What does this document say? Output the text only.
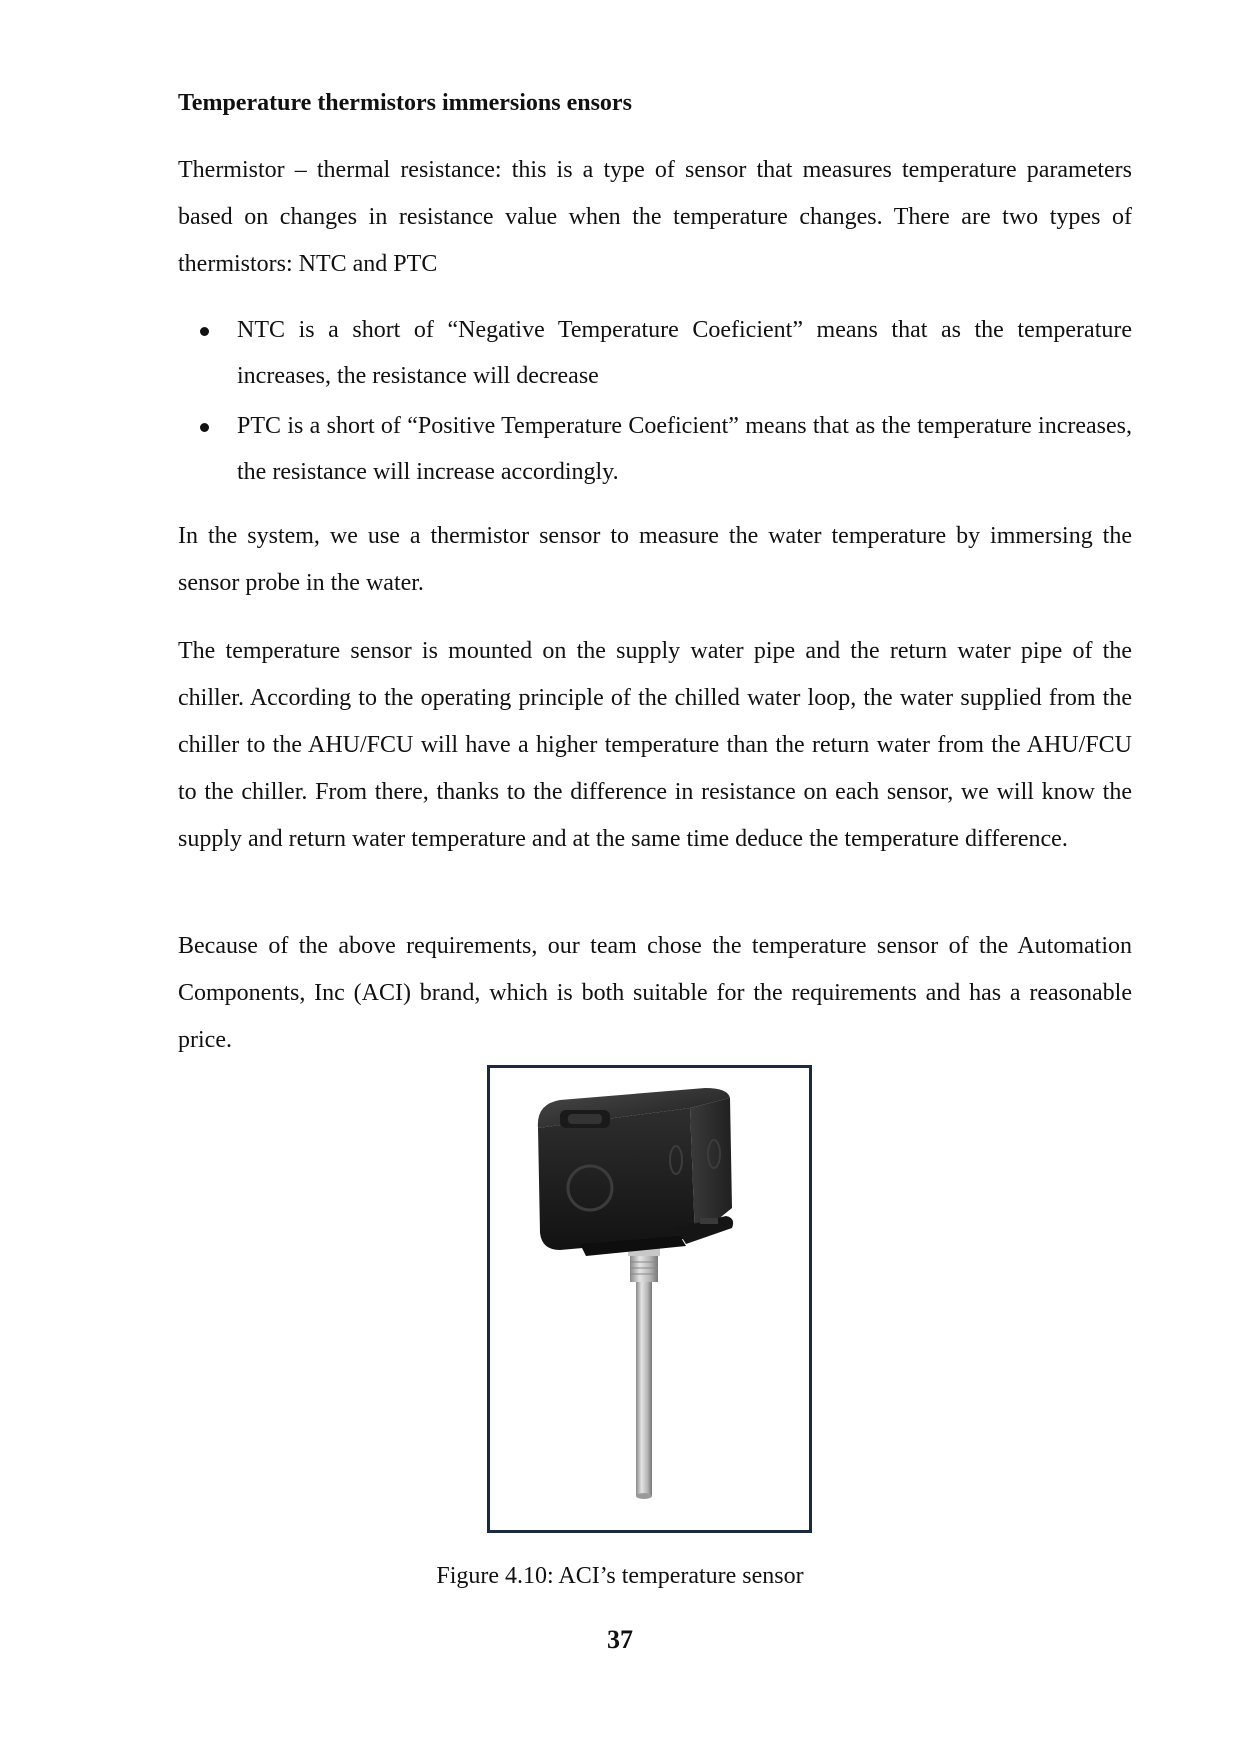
Temperature thermistors immersions ensors

Thermistor – thermal resistance: this is a type of sensor that measures temperature parameters based on changes in resistance value when the temperature changes. There are two types of thermistors: NTC and PTC

NTC is a short of “Negative Temperature Coeficient” means that as the temperature increases, the resistance will decrease
PTC is a short of “Positive Temperature Coeficient” means that as the temperature increases, the resistance will increase accordingly.

In the system, we use a thermistor sensor to measure the water temperature by immersing the sensor probe in the water.

The temperature sensor is mounted on the supply water pipe and the return water pipe of the chiller. According to the operating principle of the chilled water loop, the water supplied from the chiller to the AHU/FCU will have a higher temperature than the return water from the AHU/FCU to the chiller. From there, thanks to the difference in resistance on each sensor, we will know the supply and return water temperature and at the same time deduce the temperature difference.

Because of the above requirements, our team chose the temperature sensor of the Automation Components, Inc (ACI) brand, which is both suitable for the requirements and has a reasonable price.

Figure 4.10: ACI’s temperature sensor

37
